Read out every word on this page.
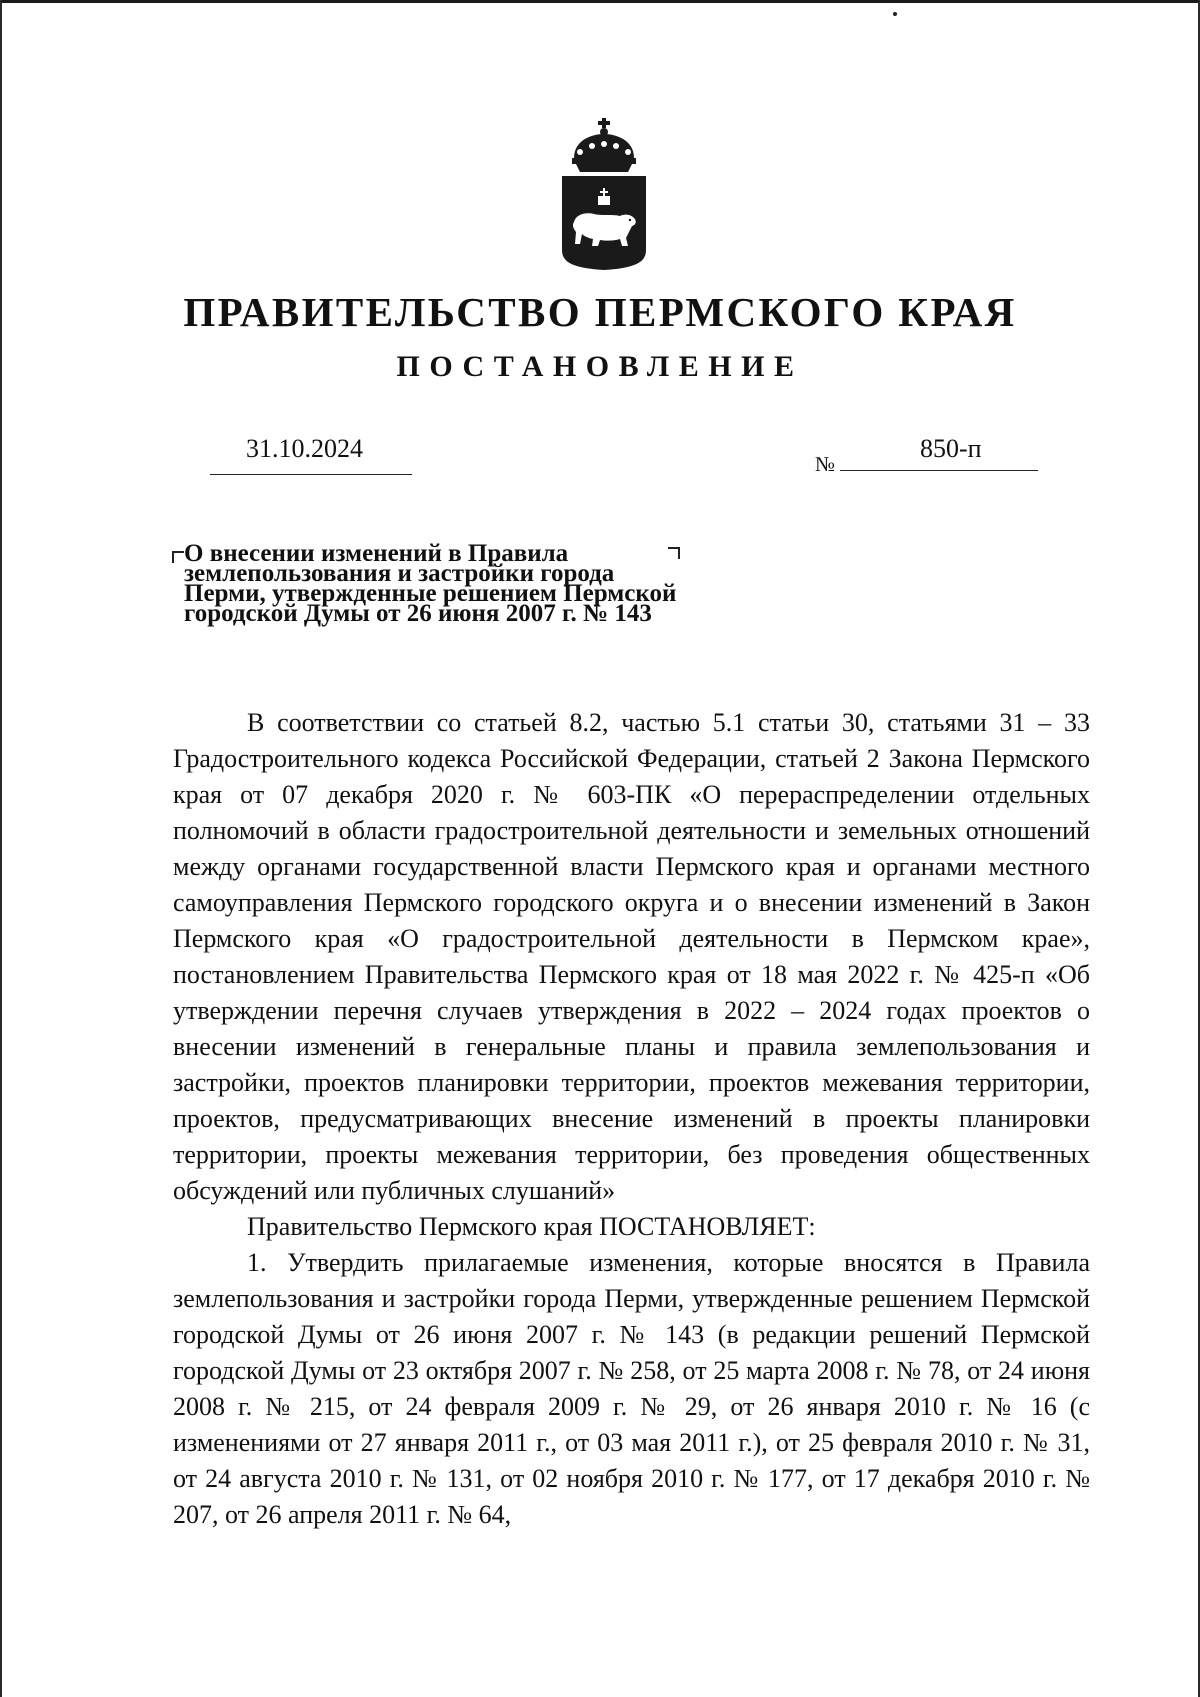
ПРАВИТЕЛЬСТВО ПЕРМСКОГО КРАЯ
ПОСТАНОВЛЕНИЕ
31.10.2024
№
850-п
О внесении изменений в Правила
землепользования и застройки города
Перми, утвержденные решением Пермской
городской Думы от 26 июня 2007 г. № 143

В соответствии со статьей 8.2, частью 5.1 статьи 30, статьями 31 – 33 Градостроительного кодекса Российской Федерации, статьей 2 Закона Пермского края от 07 декабря 2020 г. № 603-ПК «О перераспределении отдельных полномочий в области градостроительной деятельности и земельных отношений между органами государственной власти Пермского края и органами местного самоуправления Пермского городского округа и о внесении изменений в Закон Пермского края «О градостроительной деятельности в Пермском крае», постановлением Правительства Пермского края от 18 мая 2022 г. № 425-п «Об утверждении перечня случаев утверждения в 2022 – 2024 годах проектов о внесении изменений в генеральные планы и правила землепользования и застройки, проектов планировки территории, проектов межевания территории, проектов, предусматривающих внесение изменений в проекты планировки территории, проекты межевания территории, без проведения общественных обсуждений или публичных слушаний»

Правительство Пермского края ПОСТАНОВЛЯЕТ:

1. Утвердить прилагаемые изменения, которые вносятся в Правила землепользования и застройки города Перми, утвержденные решением Пермской городской Думы от 26 июня 2007 г. № 143 (в редакции решений Пермской городской Думы от 23 октября 2007 г. № 258, от 25 марта 2008 г. № 78, от 24 июня 2008 г. № 215, от 24 февраля 2009 г. № 29, от 26 января 2010 г. № 16 (с изменениями от 27 января 2011 г., от 03 мая 2011 г.), от 25 февраля 2010 г. № 31, от 24 августа 2010 г. № 131, от 02 ноября 2010 г. № 177, от 17 декабря 2010 г. № 207, от 26 апреля 2011 г. № 64,
